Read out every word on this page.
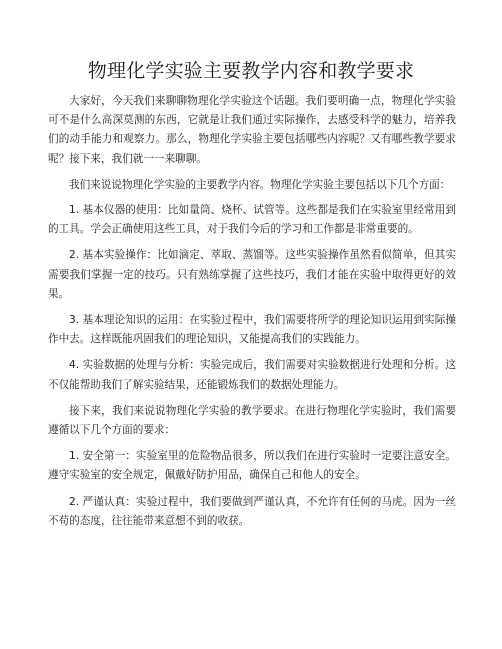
物理化学实验主要教学内容和教学要求

大家好，今天我们来聊聊物理化学实验这个话题。我们要明确一点，物理化学实验可不是什么高深莫测的东西，它就是让我们通过实际操作，去感受科学的魅力，培养我们的动手能力和观察力。那么，物理化学实验主要包括哪些内容呢？又有哪些教学要求呢？接下来，我们就一一来聊聊。

我们来说说物理化学实验的主要教学内容。物理化学实验主要包括以下几个方面：

1. 基本仪器的使用：比如量筒、烧杯、试管等。这些都是我们在实验室里经常用到的工具。学会正确使用这些工具，对于我们今后的学习和工作都是非常重要的。

2. 基本实验操作：比如滴定、萃取、蒸馏等。这些实验操作虽然看似简单，但其实需要我们掌握一定的技巧。只有熟练掌握了这些技巧，我们才能在实验中取得更好的效果。

3. 基本理论知识的运用：在实验过程中，我们需要将所学的理论知识运用到实际操作中去。这样既能巩固我们的理论知识，又能提高我们的实践能力。

4. 实验数据的处理与分析：实验完成后，我们需要对实验数据进行处理和分析。这不仅能帮助我们了解实验结果，还能锻炼我们的数据处理能力。

接下来，我们来说说物理化学实验的教学要求。在进行物理化学实验时，我们需要遵循以下几个方面的要求：

1. 安全第一：实验室里的危险物品很多，所以我们在进行实验时一定要注意安全。遵守实验室的安全规定，佩戴好防护用品，确保自己和他人的安全。

2. 严谨认真：实验过程中，我们要做到严谨认真，不允许有任何的马虎。因为一丝不苟的态度，往往能带来意想不到的收获。
